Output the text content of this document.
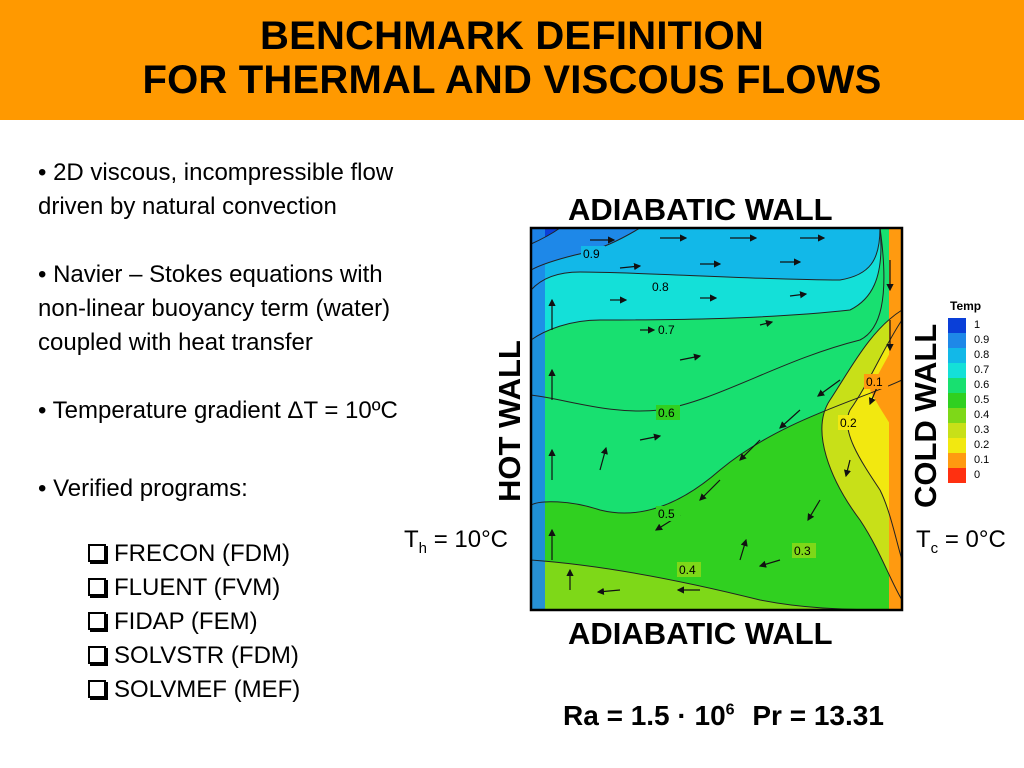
BENCHMARK DEFINITION
FOR THERMAL AND VISCOUS FLOWS
• 2D viscous, incompressible flow
driven by natural convection
• Navier – Stokes equations with
non-linear buoyancy term (water)
coupled with heat transfer
• Temperature gradient ΔT = 10ºC
• Verified programs:
FRECON (FDM)
FLUENT (FVM)
FIDAP (FEM)
SOLVSTR (FDM)
SOLVMEF (MEF)
0.9
0.8
0.7
0.6
0.5
0.4
0.3
0.2
0.1
ADIABATIC WALL
ADIABATIC WALL
HOT WALL	COLD WALL
$T_h = 10^\circ C$	$T_c = 0^\circ C$
Temp
1
0.9
0.8
0.7
0.6
0.5
0.4
0.3
0.2
0.1
0
$Ra = 1.5 \cdot 10^6$ Pr = 13.31
